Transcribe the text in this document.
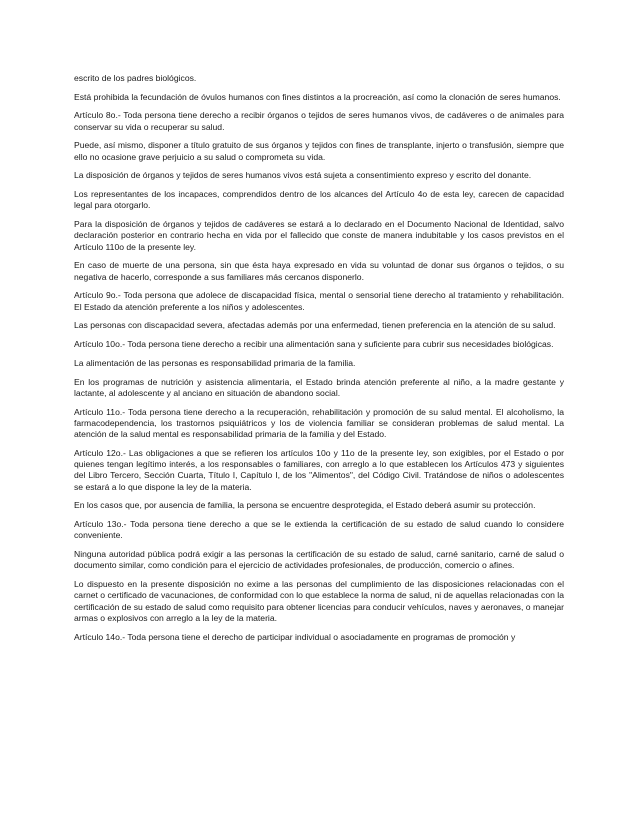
escrito de los padres biológicos.

Está prohibida la fecundación de óvulos humanos con fines distintos a la procreación, así como la clonación de seres humanos.

Artículo 8o.- Toda persona tiene derecho a recibir órganos o tejidos de seres humanos vivos, de cadáveres o de animales para conservar su vida o recuperar su salud.

Puede, así mismo, disponer a título gratuito de sus órganos y tejidos con fines de transplante, injerto o transfusión, siempre que ello no ocasione grave perjuicio a su salud o comprometa su vida.

La disposición de órganos y tejidos de seres humanos vivos está sujeta a consentimiento expreso y escrito del donante.

Los representantes de los incapaces, comprendidos dentro de los alcances del Artículo 4o de esta ley, carecen de capacidad legal para otorgarlo.

Para la disposición de órganos y tejidos de cadáveres se estará a lo declarado en el Documento Nacional de Identidad, salvo declaración posterior en contrario hecha en vida por el fallecido que conste de manera indubitable y los casos previstos en el Artículo 110o de la presente ley.

En caso de muerte de una persona, sin que ésta haya expresado en vida su voluntad de donar sus órganos o tejidos, o su negativa de hacerlo, corresponde a sus familiares más cercanos disponerlo.

Artículo 9o.- Toda persona que adolece de discapacidad física, mental o sensorial tiene derecho al tratamiento y rehabilitación. El Estado da atención preferente a los niños y adolescentes.

Las personas con discapacidad severa, afectadas además por una enfermedad, tienen preferencia en la atención de su salud.

Artículo 10o.- Toda persona tiene derecho a recibir una alimentación sana y suficiente para cubrir sus necesidades biológicas.

La alimentación de las personas es responsabilidad primaria de la familia.

En los programas de nutrición y asistencia alimentaria, el Estado brinda atención preferente al niño, a la madre gestante y lactante, al adolescente y al anciano en situación de abandono social.

Artículo 11o.- Toda persona tiene derecho a la recuperación, rehabilitación y promoción de su salud mental. El alcoholismo, la farmacodependencia, los trastornos psiquiátricos y los de violencia familiar se consideran problemas de salud mental. La atención de la salud mental es responsabilidad primaria de la familia y del Estado.

Artículo 12o.- Las obligaciones a que se refieren los artículos 10o y 11o de la presente ley, son exigibles, por el Estado o por quienes tengan legítimo interés, a los responsables o familiares, con arreglo a lo que establecen los Artículos 473 y siguientes del Libro Tercero, Sección Cuarta, Título I, Capítulo I, de los "Alimentos", del Código Civil. Tratándose de niños o adolescentes se estará a lo que dispone la ley de la materia.

En los casos que, por ausencia de familia, la persona se encuentre desprotegida, el Estado deberá asumir su protección.

Artículo 13o.- Toda persona tiene derecho a que se le extienda la certificación de su estado de salud cuando lo considere conveniente.

Ninguna autoridad pública podrá exigir a las personas la certificación de su estado de salud, carné sanitario, carné de salud o documento similar, como condición para el ejercicio de actividades profesionales, de producción, comercio o afines.

Lo dispuesto en la presente disposición no exime a las personas del cumplimiento de las disposiciones relacionadas con el carnet o certificado de vacunaciones, de conformidad con lo que establece la norma de salud, ni de aquellas relacionadas con la certificación de su estado de salud como requisito para obtener licencias para conducir vehículos, naves y aeronaves, o manejar armas o explosivos con arreglo a la ley de la materia.

Artículo 14o.- Toda persona tiene el derecho de participar individual o asociadamente en programas de promoción y
